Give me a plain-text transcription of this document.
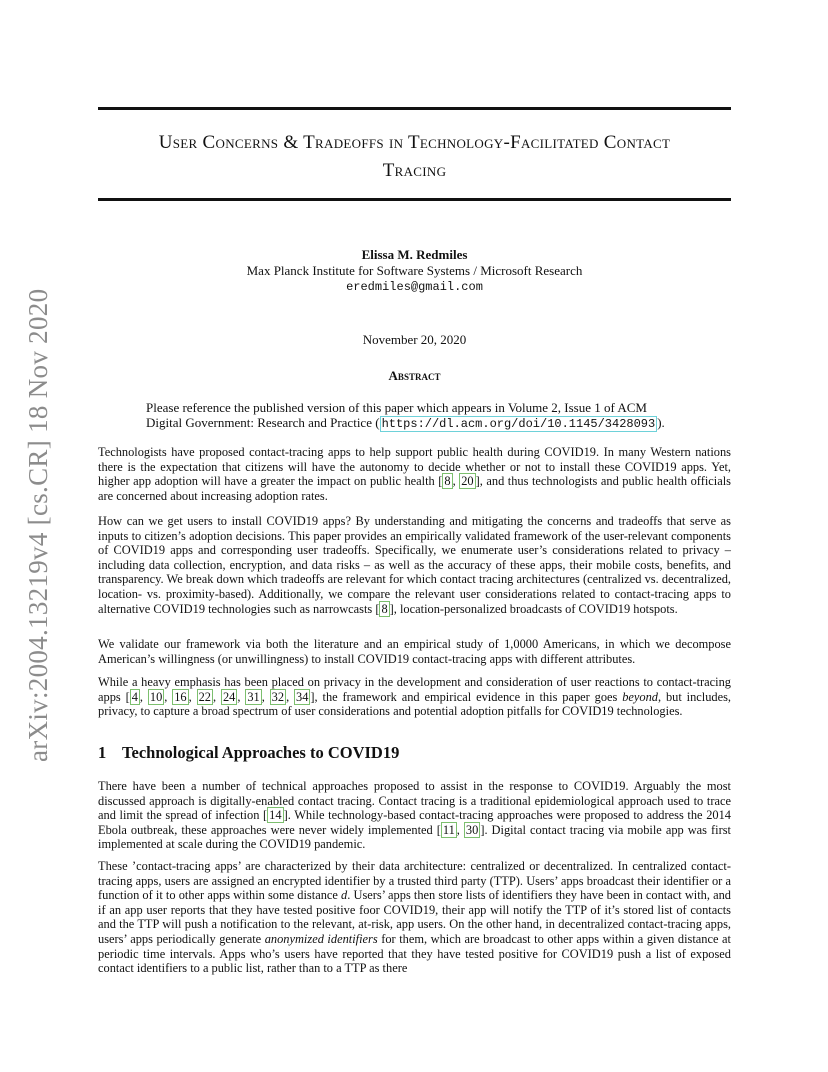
arXiv:2004.13219v4 [cs.CR] 18 Nov 2020
User Concerns & Tradeoffs in Technology-Facilitated Contact
Tracing
Elissa M. Redmiles
Max Planck Institute for Software Systems / Microsoft Research
eredmiles@gmail.com
November 20, 2020
Abstract
Please reference the published version of this paper which appears in Volume 2, Issue 1 of ACM Digital Government: Research and Practice ( https://dl.acm.org/doi/10.1145/3428093 ).

Technologists have proposed contact-tracing apps to help support public health during COVID19. In many Western nations there is the expectation that citizens will have the autonomy to decide whether or not to install these COVID19 apps. Yet, higher app adoption will have a greater the impact on public health [ 8 , 20 ], and thus technologists and public health officials are concerned about increasing adoption rates.

How can we get users to install COVID19 apps? By understanding and mitigating the concerns and tradeoffs that serve as inputs to citizen’s adoption decisions. This paper provides an empirically validated framework of the user-relevant components of COVID19 apps and corresponding user tradeoffs. Specifically, we enumerate user’s considerations related to privacy – including data collection, encryption, and data risks – as well as the accuracy of these apps, their mobile costs, benefits, and transparency. We break down which tradeoffs are relevant for which contact tracing architectures (centralized vs. decentralized, location- vs. proximity-based). Additionally, we compare the relevant user considerations related to contact-tracing apps to alternative COVID19 technologies such as narrowcasts [ 8 ], location-personalized broadcasts of COVID19 hotspots.

We validate our framework via both the literature and an empirical study of 1,0000 Americans, in which we decompose American’s willingness (or unwillingness) to install COVID19 contact-tracing apps with different attributes.

While a heavy emphasis has been placed on privacy in the development and consideration of user reactions to contact-tracing apps [ 4 , 10 , 16 , 22 , 24 , 31 , 32 , 34 ], the framework and empirical evidence in this paper goes beyond, but includes, privacy, to capture a broad spectrum of user considerations and potential adoption pitfalls for COVID19 technologies.

1 Technological Approaches to COVID19

There have been a number of technical approaches proposed to assist in the response to COVID19. Arguably the most discussed approach is digitally-enabled contact tracing. Contact tracing is a traditional epidemiological approach used to trace and limit the spread of infection [ 14 ]. While technology-based contact-tracing approaches were proposed to address the 2014 Ebola outbreak, these approaches were never widely implemented [ 11 , 30 ]. Digital contact tracing via mobile app was first implemented at scale during the COVID19 pandemic.

These ’contact-tracing apps’ are characterized by their data architecture: centralized or decentralized. In centralized contact-tracing apps, users are assigned an encrypted identifier by a trusted third party (TTP). Users’ apps broadcast their identifier or a function of it to other apps within some distance d. Users’ apps then store lists of identifiers they have been in contact with, and if an app user reports that they have tested positive foor COVID19, their app will notify the TTP of it’s stored list of contacts and the TTP will push a notification to the relevant, at-risk, app users. On the other hand, in decentralized contact-tracing apps, users’ apps periodically generate anonymized identifiers for them, which are broadcast to other apps within a given distance at periodic time intervals. Apps who’s users have reported that they have tested positive for COVID19 push a list of exposed contact identifiers to a public list, rather than to a TTP as there
